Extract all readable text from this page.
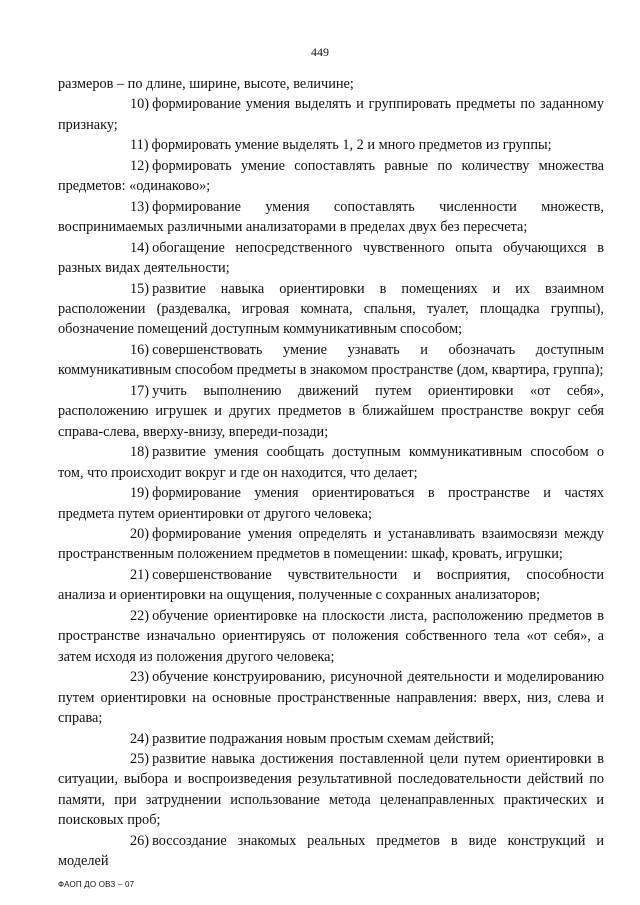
449

размеров – по длине, ширине, высоте, величине;

10) формирование умения выделять и группировать предметы по заданному признаку;

11) формировать умение выделять 1, 2 и много предметов из группы;

12) формировать умение сопоставлять равные по количеству множества предметов: «одинаково»;

13) формирование умения сопоставлять численности множеств, воспринимаемых различными анализаторами в пределах двух без пересчета;

14) обогащение непосредственного чувственного опыта обучающихся в разных видах деятельности;

15) развитие навыка ориентировки в помещениях и их взаимном расположении (раздевалка, игровая комната, спальня, туалет, площадка группы), обозначение помещений доступным коммуникативным способом;

16) совершенствовать умение узнавать и обозначать доступным коммуникативным способом предметы в знакомом пространстве (дом, квартира, группа);

17) учить выполнению движений путем ориентировки «от себя», расположению игрушек и других предметов в ближайшем пространстве вокруг себя справа-слева, вверху-внизу, впереди-позади;

18) развитие умения сообщать доступным коммуникативным способом о том, что происходит вокруг и где он находится, что делает;

19) формирование умения ориентироваться в пространстве и частях предмета путем ориентировки от другого человека;

20) формирование умения определять и устанавливать взаимосвязи между пространственным положением предметов в помещении: шкаф, кровать, игрушки;

21) совершенствование чувствительности и восприятия, способности анализа и ориентировки на ощущения, полученные с сохранных анализаторов;

22) обучение ориентировке на плоскости листа, расположению предметов в пространстве изначально ориентируясь от положения собственного тела «от себя», а затем исходя из положения другого человека;

23) обучение конструированию, рисуночной деятельности и моделированию путем ориентировки на основные пространственные направления: вверх, низ, слева и справа;

24) развитие подражания новым простым схемам действий;

25) развитие навыка достижения поставленной цели путем ориентировки в ситуации, выбора и воспроизведения результативной последовательности действий по памяти, при затруднении использование метода целенаправленных практических и поисковых проб;

26) воссоздание знакомых реальных предметов в виде конструкций и моделей

ФАОП ДО ОВЗ – 07
